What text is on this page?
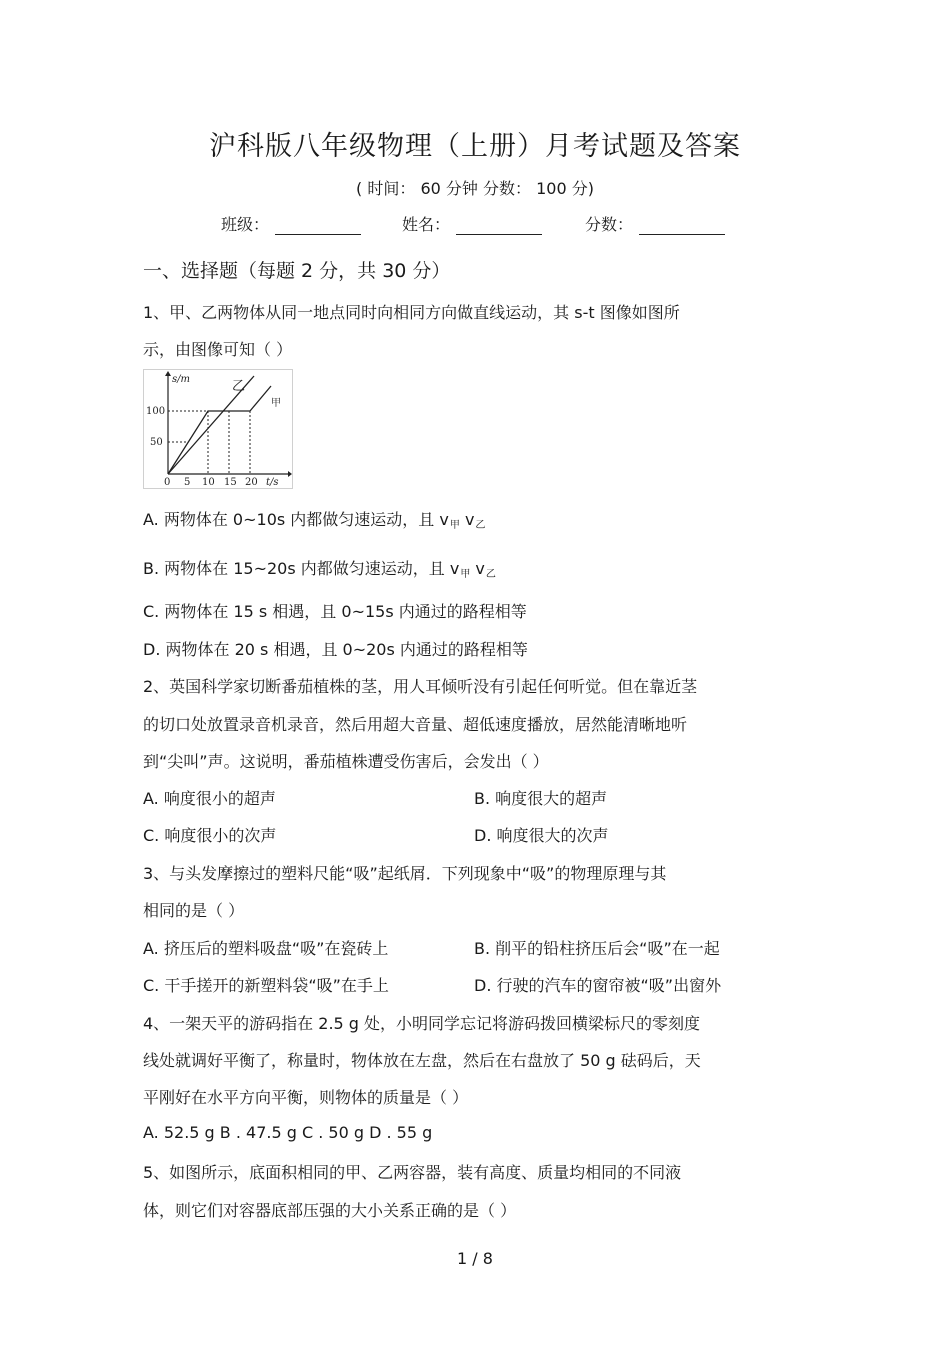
沪科版八年级物理（上册）月考试题及答案
( 时间： 60 分钟 分数： 100 分)
班级：	姓名：	分数：
一、选择题（每题 2 分，共 30 分）
1、甲、乙两物体从同一地点同时向相同方向做直线运动，其 s-t 图像如图所
示，由图像可知（ ）
s/m
t/s
100
50
0 5 10 15 20
乙
甲
A. 两物体在 0~10s 内都做匀速运动，且 $v_甲$ $v_乙$
B. 两物体在 15~20s 内都做匀速运动，且 $v_甲$ $v_乙$
C. 两物体在 15 s 相遇，且 0~15s 内通过的路程相等
D. 两物体在 20 s 相遇，且 0~20s 内通过的路程相等
2、英国科学家切断番茄植株的茎，用人耳倾听没有引起任何听觉。但在靠近茎
的切口处放置录音机录音，然后用超大音量、超低速度播放，居然能清晰地听
到“尖叫”声。这说明，番茄植株遭受伤害后，会发出（ ）
A. 响度很小的超声	B. 响度很大的超声
C. 响度很小的次声	D. 响度很大的次声
3、与头发摩擦过的塑料尺能“吸”起纸屑．下列现象中“吸”的物理原理与其
相同的是（ ）
A. 挤压后的塑料吸盘“吸”在瓷砖上	B. 削平的铅柱挤压后会“吸”在一起
C. 干手搓开的新塑料袋“吸”在手上	D. 行驶的汽车的窗帘被“吸”出窗外
4、一架天平的游码指在 2.5 g 处，小明同学忘记将游码拨回横梁标尺的零刻度
线处就调好平衡了，称量时，物体放在左盘，然后在右盘放了 50 g 砝码后，天
平刚好在水平方向平衡，则物体的质量是（ ）
A. 52.5 g B . 47.5 g C . 50 g D . 55 g
5、如图所示，底面积相同的甲、乙两容器，装有高度、质量均相同的不同液
体，则它们对容器底部压强的大小关系正确的是（ ）
1 / 8
